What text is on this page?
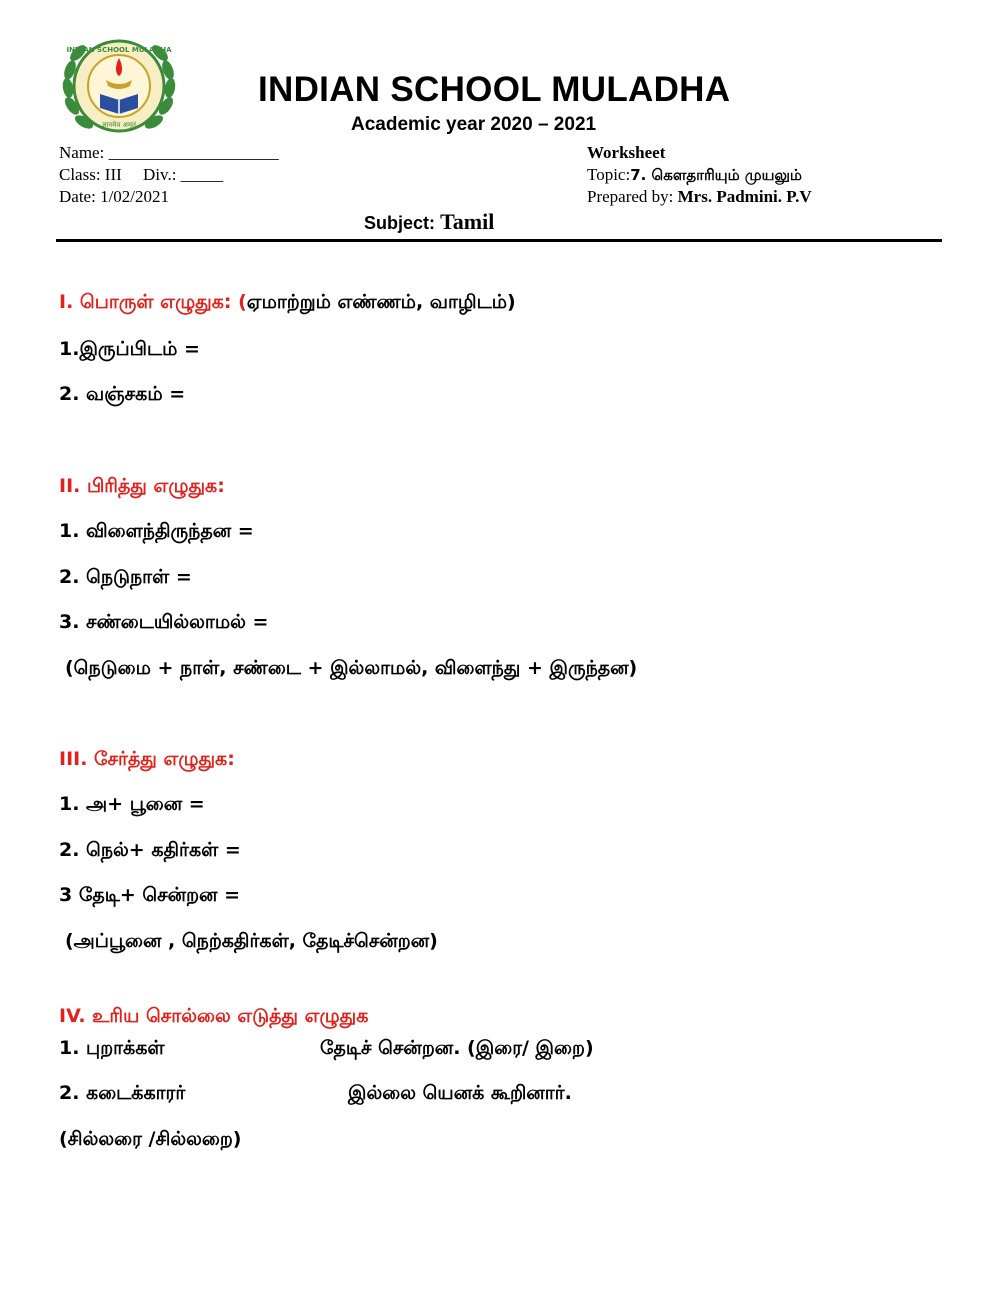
INDIAN SCHOOL MULADHA
ज्ञानमेव अमृतं
INDIAN SCHOOL MULADHA
Academic year 2020 – 2021
Name: ____________________
Class: III Div.: _____
Date: 1/02/2021
Worksheet
Topic:7. கௌதாரியும் முயலும்
Prepared by: Mrs. Padmini. P.V
Subject: Tamil
I. பொருள் எழுதுக: (ஏமாற்றும் எண்ணம், வாழிடம்)
1.இருப்பிடம் =
2. வஞ்சகம் =
II. பிரித்து எழுதுக:
1. விளைந்திருந்தன =
2. நெடுநாள் =
3. சண்டையில்லாமல் =
(நெடுமை + நாள், சண்டை + இல்லாமல், விளைந்து + இருந்தன)
III. சேர்த்து எழுதுக:
1. அ+ பூனை =
2. நெல்+ கதிர்கள் =
3 தேடி+ சென்றன =
(அப்பூனை , நெற்கதிர்கள், தேடிச்சென்றன)
IV. உரிய சொல்லை எடுத்து எழுதுக
1. புறாக்கள்	தேடிச் சென்றன. (இரை/ இறை)
2. கடைக்காரர்	இல்லை யெனக் கூறினார்.
(சில்லரை /சில்லறை)
